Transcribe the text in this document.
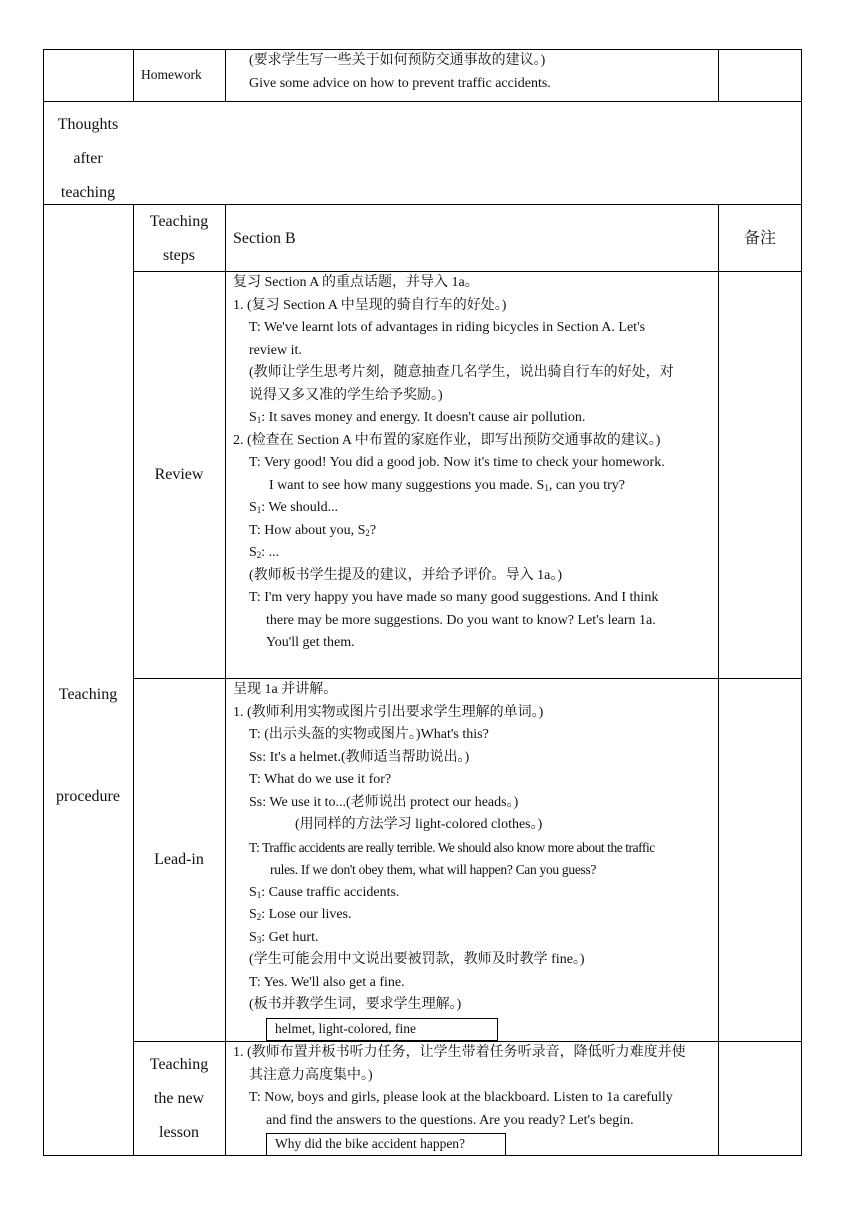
Homework
(要求学生写一些关于如何预防交通事故的建议。)
Give some advice on how to prevent traffic accidents.
Thoughts
after
teaching
Teaching
procedure
Teaching
steps
Section B	备注
Review
复习 Section A 的重点话题，并导入 1a。
1. (复习 Section A 中呈现的骑自行车的好处。)
T: We've learnt lots of advantages in riding bicycles in Section A. Let's
review it.
(教师让学生思考片刻，随意抽查几名学生，说出骑自行车的好处，对
说得又多又准的学生给予奖励。)
$S_1$: It saves money and energy. It doesn't cause air pollution.
2. (检查在 Section A 中布置的家庭作业，即写出预防交通事故的建议。)
T: Very good! You did a good job. Now it's time to check your homework.
I want to see how many suggestions you made. $S_1$, can you try?
$S_1$: We should...
T: How about you, $S_2$?
$S_2$: ...
(教师板书学生提及的建议，并给予评价。导入 1a。)
T: I'm very happy you have made so many good suggestions. And I think
there may be more suggestions. Do you want to know? Let's learn 1a.
You'll get them.
Lead-in
呈现 1a 并讲解。
1. (教师利用实物或图片引出要求学生理解的单词。)
T: (出示头盔的实物或图片。)What's this?
Ss: It's a helmet.(教师适当帮助说出。)
T: What do we use it for?
Ss: We use it to...(老师说出 protect our heads。)
(用同样的方法学习 light-colored clothes。)
T: Traffic accidents are really terrible. We should also know more about the traffic
rules. If we don't obey them, what will happen? Can you guess?
$S_1$: Cause traffic accidents.
$S_2$: Lose our lives.
$S_3$: Get hurt.
(学生可能会用中文说出要被罚款，教师及时教学 fine。)
T: Yes. We'll also get a fine.
(板书并教学生词，要求学生理解。)
helmet, light-colored, fine
Teaching
the new
lesson
1. (教师布置并板书听力任务，让学生带着任务听录音，降低听力难度并使
其注意力高度集中。)
T: Now, boys and girls, please look at the blackboard. Listen to 1a carefully
and find the answers to the questions. Are you ready? Let's begin.
Why did the bike accident happen?
